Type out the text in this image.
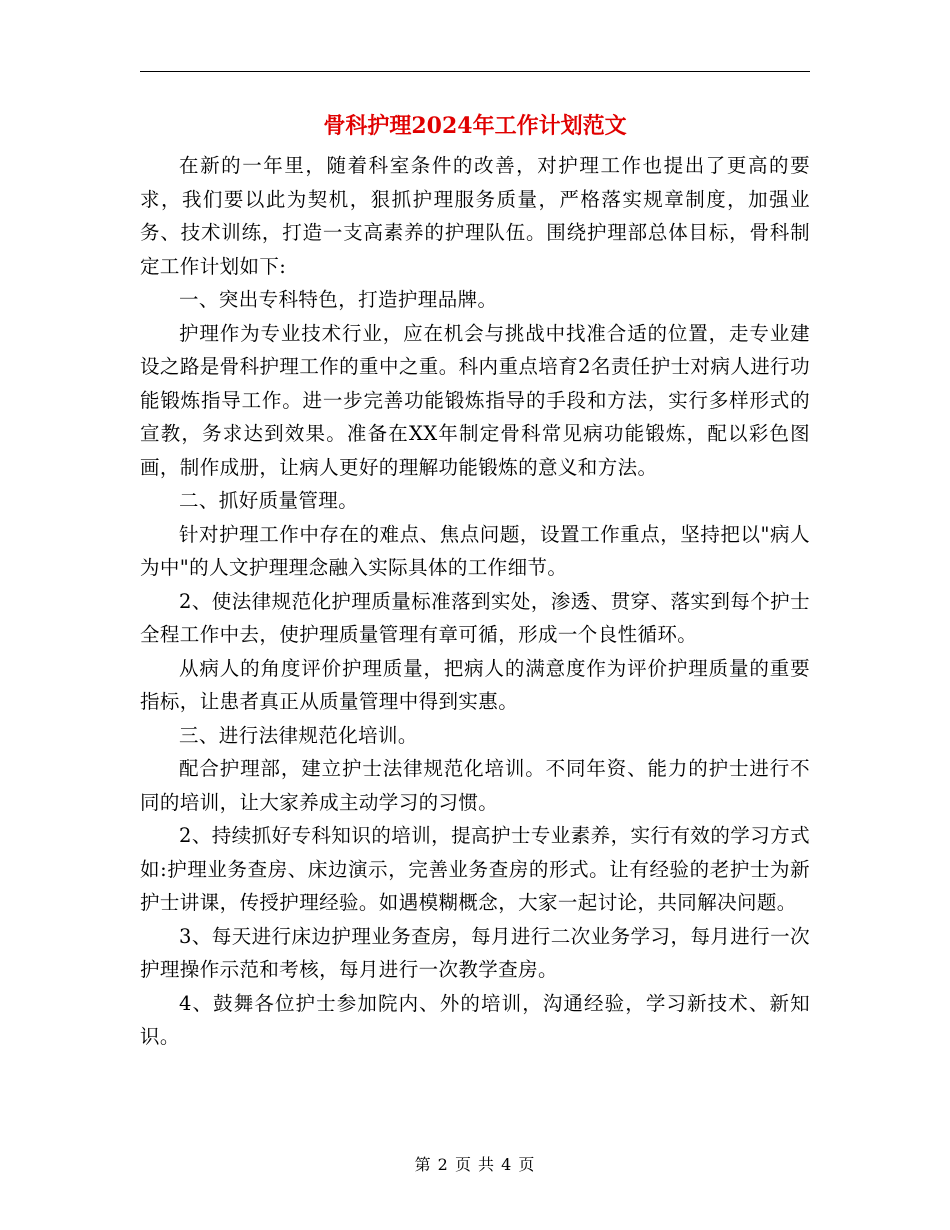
骨科护理2024年工作计划范文

在新的一年里，随着科室条件的改善，对护理工作也提出了更高的要求，我们要以此为契机，狠抓护理服务质量，严格落实规章制度，加强业务、技术训练，打造一支高素养的护理队伍。围绕护理部总体目标，骨科制定工作计划如下:

一、突出专科特色，打造护理品牌。

护理作为专业技术行业，应在机会与挑战中找准合适的位置，走专业建设之路是骨科护理工作的重中之重。科内重点培育2名责任护士对病人进行功能锻炼指导工作。进一步完善功能锻炼指导的手段和方法，实行多样形式的宣教，务求达到效果。准备在XX年制定骨科常见病功能锻炼，配以彩色图画，制作成册，让病人更好的理解功能锻炼的意义和方法。

二、抓好质量管理。

针对护理工作中存在的难点、焦点问题，设置工作重点，坚持把以"病人为中"的人文护理理念融入实际具体的工作细节。

2、使法律规范化护理质量标准落到实处，渗透、贯穿、落实到每个护士全程工作中去，使护理质量管理有章可循，形成一个良性循环。

从病人的角度评价护理质量，把病人的满意度作为评价护理质量的重要指标，让患者真正从质量管理中得到实惠。

三、进行法律规范化培训。

配合护理部，建立护士法律规范化培训。不同年资、能力的护士进行不同的培训，让大家养成主动学习的习惯。

2、持续抓好专科知识的培训，提高护士专业素养，实行有效的学习方式如:护理业务查房、床边演示，完善业务查房的形式。让有经验的老护士为新护士讲课，传授护理经验。如遇模糊概念，大家一起讨论，共同解决问题。

3、每天进行床边护理业务查房，每月进行二次业务学习，每月进行一次护理操作示范和考核，每月进行一次教学查房。

4、鼓舞各位护士参加院内、外的培训，沟通经验，学习新技术、新知识。

第 2 页 共 4 页
